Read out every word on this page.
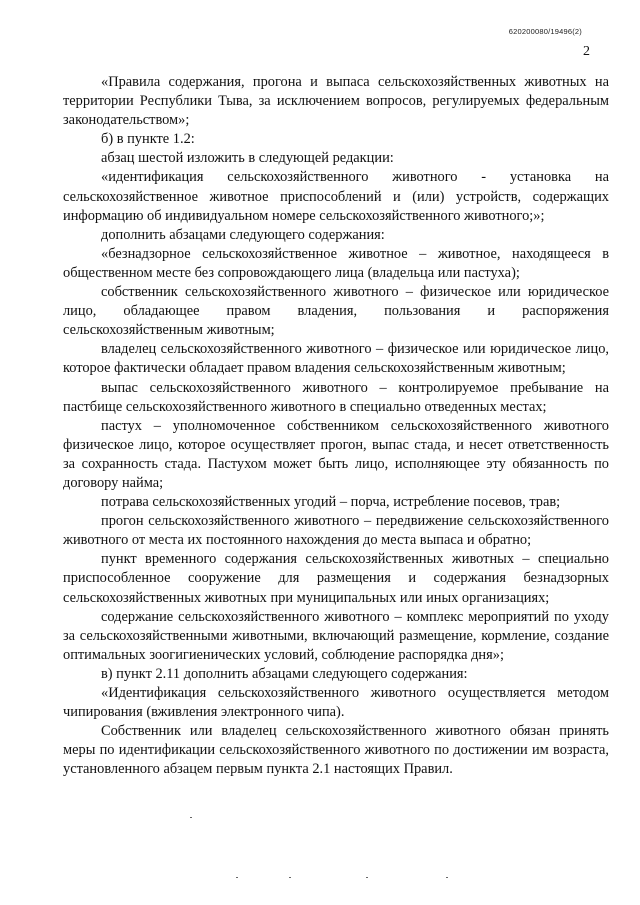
620200080/19496(2)
2

«Правила содержания, прогона и выпаса сельскохозяйственных животных на территории Республики Тыва, за исключением вопросов, регулируемых федеральным законодательством»;

б) в пункте 1.2:

абзац шестой изложить в следующей редакции:

«идентификация сельскохозяйственного животного - установка на сельскохозяйственное животное приспособлений и (или) устройств, содержащих информацию об индивидуальном номере сельскохозяйственного животного;»;

дополнить абзацами следующего содержания:

«безнадзорное сельскохозяйственное животное – животное, находящееся в общественном месте без сопровождающего лица (владельца или пастуха);

собственник сельскохозяйственного животного – физическое или юридическое лицо, обладающее правом владения, пользования и распоряжения сельскохозяйственным животным;

владелец сельскохозяйственного животного – физическое или юридическое лицо, которое фактически обладает правом владения сельскохозяйственным животным;

выпас сельскохозяйственного животного – контролируемое пребывание на пастбище сельскохозяйственного животного в специально отведенных местах;

пастух – уполномоченное собственником сельскохозяйственного животного физическое лицо, которое осуществляет прогон, выпас стада, и несет ответственность за сохранность стада. Пастухом может быть лицо, исполняющее эту обязанность по договору найма;

потрава сельскохозяйственных угодий – порча, истребление посевов, трав;

прогон сельскохозяйственного животного – передвижение сельскохозяйственного животного от места их постоянного нахождения до места выпаса и обратно;

пункт временного содержания сельскохозяйственных животных – специально приспособленное сооружение для размещения и содержания безнадзорных сельскохозяйственных животных при муниципальных или иных организациях;

содержание сельскохозяйственного животного – комплекс мероприятий по уходу за сельскохозяйственными животными, включающий размещение, кормление, создание оптимальных зоогигиенических условий, соблюдение распорядка дня»;

в) пункт 2.11 дополнить абзацами следующего содержания:

«Идентификация сельскохозяйственного животного осуществляется методом чипирования (вживления электронного чипа).

Собственник или владелец сельскохозяйственного животного обязан принять меры по идентификации сельскохозяйственного животного по достижении им возраста, установленного абзацем первым пункта 2.1 настоящих Правил.
